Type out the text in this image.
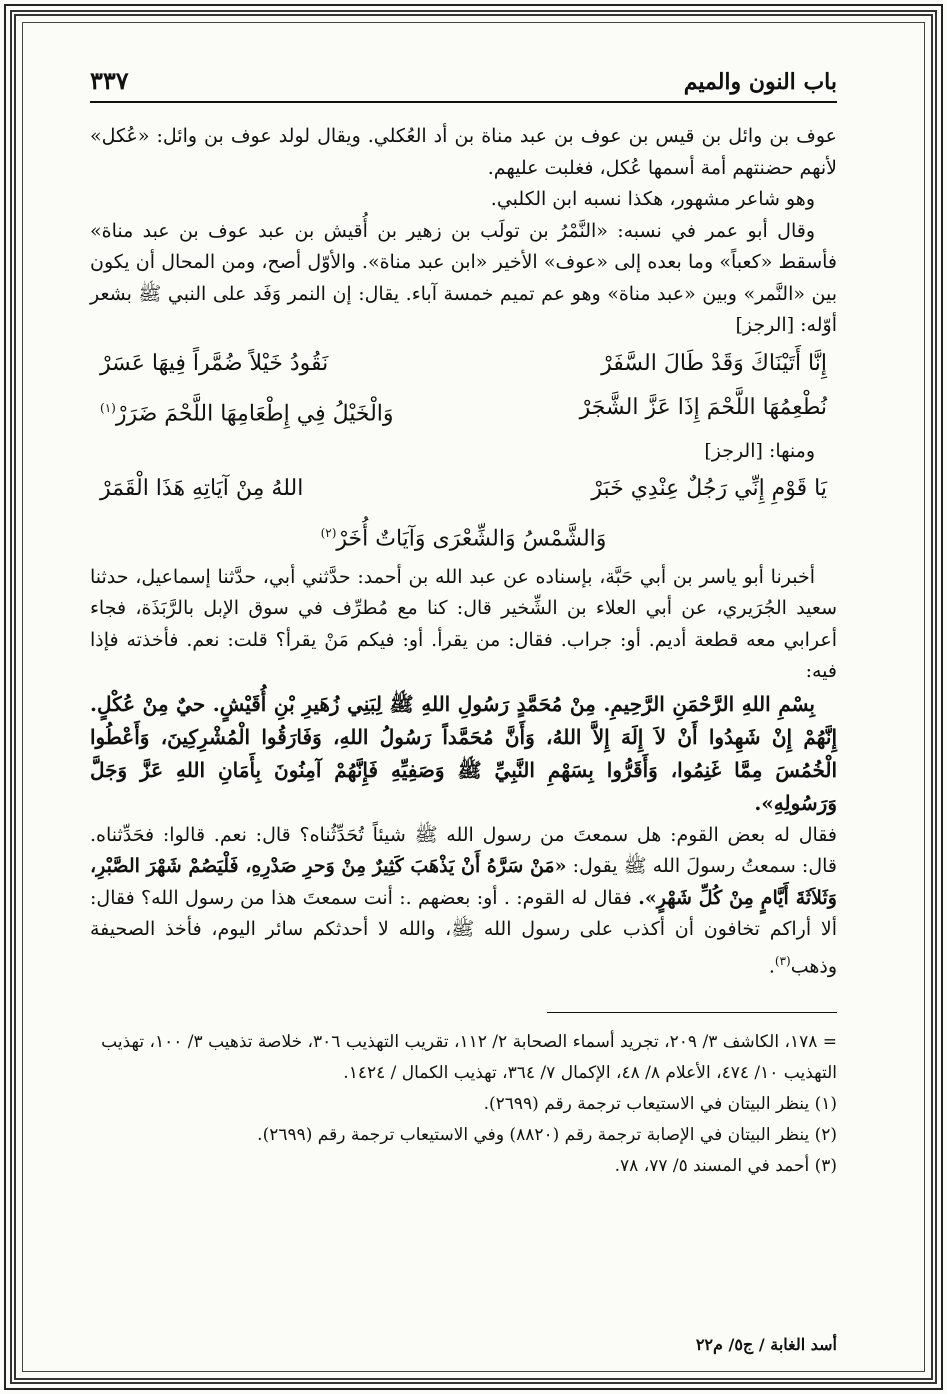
باب النون والميم
٣٣٧

عوف بن وائل بن قيس بن عوف بن عبد مناة بن أد العُكلي. ويقال لولد عوف بن وائل: «عُكل» لأنهم حضنتهم أمة أسمها عُكل، فغلبت عليهم.

وهو شاعر مشهور، هكذا نسبه ابن الكلبي.

وقال أبو عمر في نسبه: «النَّمْرُ بن تولَب بن زهير بن أُقيش بن عبد عوف بن عبد مناة» فأسقط «كعباً» وما بعده إلى «عوف» الأخير «ابن عبد مناة». والأوّل أصح، ومن المحال أن يكون بين «النَّمر» وبين «عبد مناة» وهو عم تميم خمسة آباء. يقال: إن النمر وَفَد على النبي ﷺ بشعر أوّله: [الرجز]

إِنَّا أَتَيْنَاكَ وَقَدْ طَالَ السَّفَرْ
نَقُودُ خَيْلاً ضُمَّراً فِيهَا عَسَرْ
نُطْعِمُهَا اللَّحْمَ إِذَا عَزَّ الشَّجَرْ
وَالْخَيْلُ فِي إِطْعَامِهَا اللَّحْمَ ضَرَرْ$^{(١)}$

ومنها: [الرجز]

يَا قَوْمِ إِنِّي رَجُلٌ عِنْدِي خَبَرْ
اللهُ مِنْ آيَاتِهِ هَذَا الْقَمَرْ
وَالشَّمْسُ وَالشِّعْرَى وَآيَاتٌ أُخَرْ$^{(٢)}$

أخبرنا أبو ياسر بن أبي حَبَّة، بإسناده عن عبد الله بن أحمد: حدَّثني أبي، حدَّثنا إسماعيل، حدثنا سعيد الجُرَيري، عن أبي العلاء بن الشِّخير قال: كنا مع مُطرِّف في سوق الإبل بالرَّبَذَة، فجاء أعرابي معه قطعة أديم. أو: جراب. فقال: من يقرأ. أو: فيكم مَنْ يقرأ؟ قلت: نعم. فأخذته فإذا فيه:

بِسْمِ اللهِ الرَّحْمَنِ الرَّحِيمِ. مِنْ مُحَمَّدٍ رَسُولِ اللهِ ﷺ لِبَنِي زُهَيرِ بْنِ أُقَيْشٍ. حيٌ مِنْ عُكْلٍ. إِنَّهُمْ إِنْ شَهِدُوا أَنْ لاَ إِلَهَ إِلاَّ اللهُ، وَأَنَّ مُحَمَّداً رَسُولُ اللهِ، وَفَارَقُوا الْمُشْرِكِينَ، وَأَعْطُوا الْخُمُسَ مِمَّا غَنِمُوا، وَأَقَرُّوا بِسَهْمِ النَّبِيِّ ﷺ وَصَفِيِّهِ فَإِنَّهُمْ آمِنُونَ بِأَمَانِ اللهِ عَزَّ وَجَلَّ وَرَسُولِهِ».

فقال له بعض القوم: هل سمعتَ من رسول الله ﷺ شيئاً تُحَدِّثُناه؟ قال: نعم. قالوا: فحَدِّثناه. قال: سمعتُ رسولَ الله ﷺ يقول: «مَنْ سَرَّهُ أَنْ يَذْهَبَ كَثِيرٌ مِنْ وَحرِ صَدْرِهِ، فَلْيَصُمْ شَهْرَ الصَّبْرِ، وَثَلاَثَةَ أَيَّامٍ مِنْ كُلِّ شَهْرٍ». فقال له القوم: . أو: بعضهم .: أنت سمعتَ هذا من رسول الله؟ فقال: ألا أراكم تخافون أن أكذب على رسول الله ﷺ، والله لا أحدثكم سائر اليوم، فأخذ الصحيفة وذهب$^{(٣)}$.

= ١٧٨، الكاشف ٣/ ٢٠٩، تجريد أسماء الصحابة ٢/ ١١٢، تقريب التهذيب ٣٠٦، خلاصة تذهيب ٣/ ١٠٠، تهذيب التهذيب ١٠/ ٤٧٤، الأعلام ٨/ ٤٨، الإكمال ٧/ ٣٦٤، تهذيب الكمال / ١٤٢٤.

(١) ينظر البيتان في الاستيعاب ترجمة رقم (٢٦٩٩).

(٢) ينظر البيتان في الإصابة ترجمة رقم (٨٨٢٠) وفي الاستيعاب ترجمة رقم (٢٦٩٩).

(٣) أحمد في المسند ٥/ ٧٧، ٧٨.

أسد الغابة / ج٥/ م٢٢
